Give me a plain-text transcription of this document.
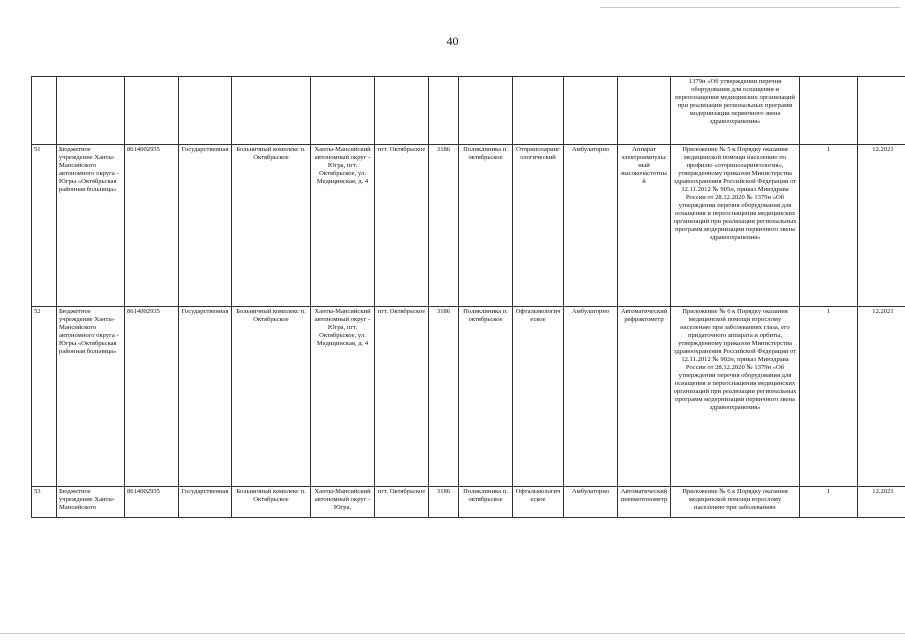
40
												1379н «Об утверждении перечня оборудования для оснащения и переоснащения медицинских организаций при реализации региональных программ модернизации первичного звена здравоохранения»		
51	Бюджетное учреждение Ханты-Мансийского автономного округа - Югры «Октябрьская районная больница»	8614002935	Государственная	Больничный комплекс п. Октябрьское	Ханты-Мансийский автономный округ - Югра, пгт. Октябрьское, ул. Медицинская, д. 4	пгт. Октябрьское	3186	Поликлиника п. октябрьское	Оториноларингологический	Амбулаторно	Аппарат электроимпульсный высокочастотный	Приложение № 5 к Порядку оказания медицинской помощи населению по профилю «оториноларингология», утвержденному приказом Министерства здравоохранения Российской Федерации от 12.11.2012 № 905н, приказ Минздрава России от 28.12.2020 № 1379н «Об утверждении перечня оборудования для оснащения и переоснащения медицинских организаций при реализации региональных программ модернизации первичного звена здравоохранения»	1	12.2021
52	Бюджетное учреждение Ханты-Мансийского автономного округа - Югры «Октябрьская районная больница»	8614002935	Государственная	Больничный комплекс п. Октябрьское	Ханты-Мансийский автономный округ - Югра, пгт. Октябрьское, ул. Медицинская, д. 4	пгт. Октябрьское	3186	Поликлиника п. октябрьское	Офтальмологическое	Амбулаторно	Автоматический рефрактометр	Приложение № 6 к Порядку оказания медицинской помощи взрослому населению при заболеваниях глаза, его придаточного аппарата и орбиты, утвержденному приказом Министерства здравоохранения Российской Федерации от 12.11.2012 № 902н, приказ Минздрава России от 28.12.2020 № 1379н «Об утверждении перечня оборудования для оснащения и переоснащения медицинских организаций при реализации региональных программ модернизации первичного звена здравоохранения»	1	12.2021
53	Бюджетное учреждение Ханты-Мансийского	8614002935	Государственная	Больничный комплекс п. Октябрьское	Ханты-Мансийский автономный округ - Югра,	пгт. Октябрьское	3186	Поликлиника п. октябрьское	Офтальмологическое	Амбулаторно	Автоматический пневмотонометр	Приложение № 6 к Порядку оказания медицинской помощи взрослому населению при заболеваниях	1	12.2021
